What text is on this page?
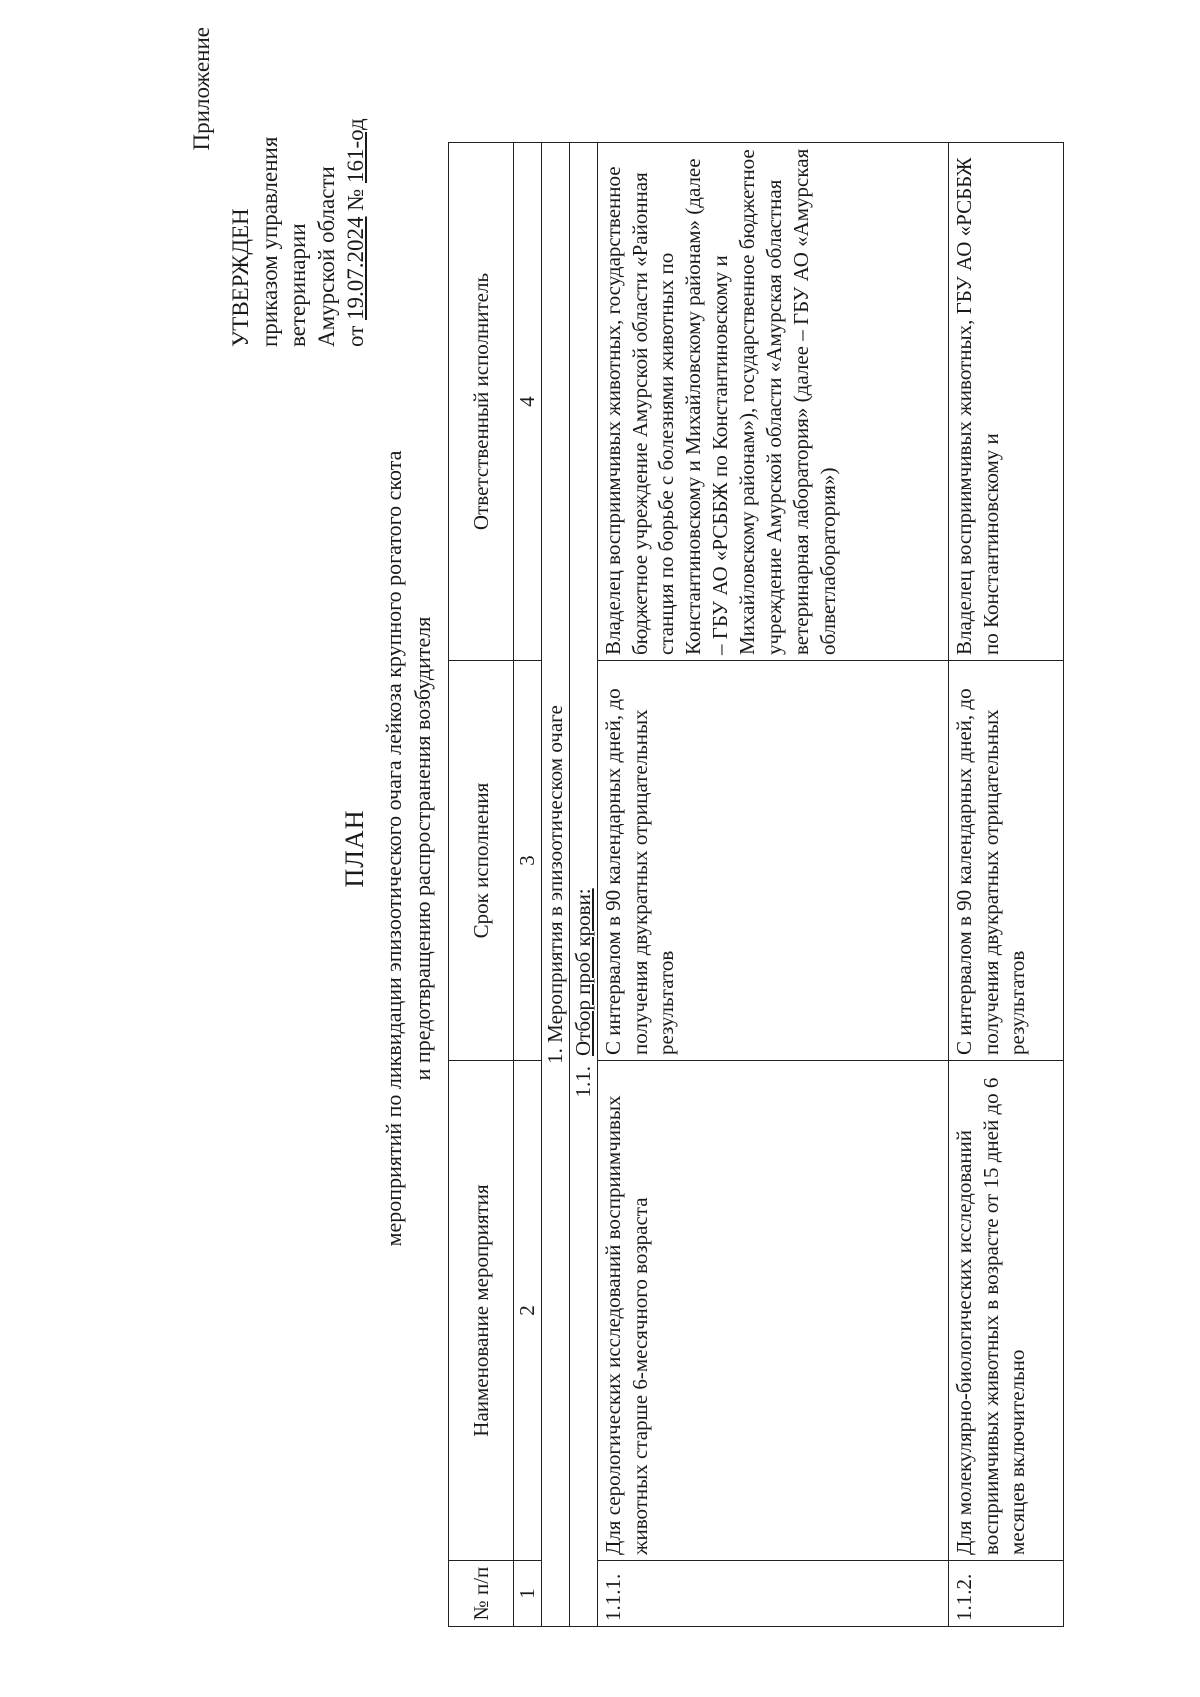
Приложение
УТВЕРЖДЕН приказом управления ветеринарии Амурской области от 19.07.2024 № 161-од
ПЛАН мероприятий по ликвидации эпизоотического очага лейкоза крупного рогатого скота и предотвращению распространения возбудителя
№ п/п	Наименование мероприятия	Срок исполнения	Ответственный исполнитель
1	2	3	4
1. Мероприятия в эпизоотическом очаге			
1.1.Отбор проб крови:			
1.1.1.	Для серологических исследований восприимчивых животных старше 6-месячного возраста	С интервалом в 90 календарных дней, до получения двукратных отрицательных результатов	Владелец восприимчивых животных, государственное бюджетное учреждение Амурской области «Районная станция по борьбе с болезнями животных по Константиновскому и Михайловскому районам» (далее – ГБУ АО «РСББЖ по Константиновскому и Михайловскому районам»), государственное бюджетное учреждение Амурской области «Амурская областная ветеринарная лаборатория» (далее – ГБУ АО «Амурская облветлаборатория»)
1.1.2.	Для молекулярно-биологических исследований восприимчивых животных в возрасте от 15 дней до 6 месяцев включительно	С интервалом в 90 календарных дней, до получения двукратных отрицательных результатов	Владелец восприимчивых животных, ГБУ АО «РСББЖ по Константиновскому и
